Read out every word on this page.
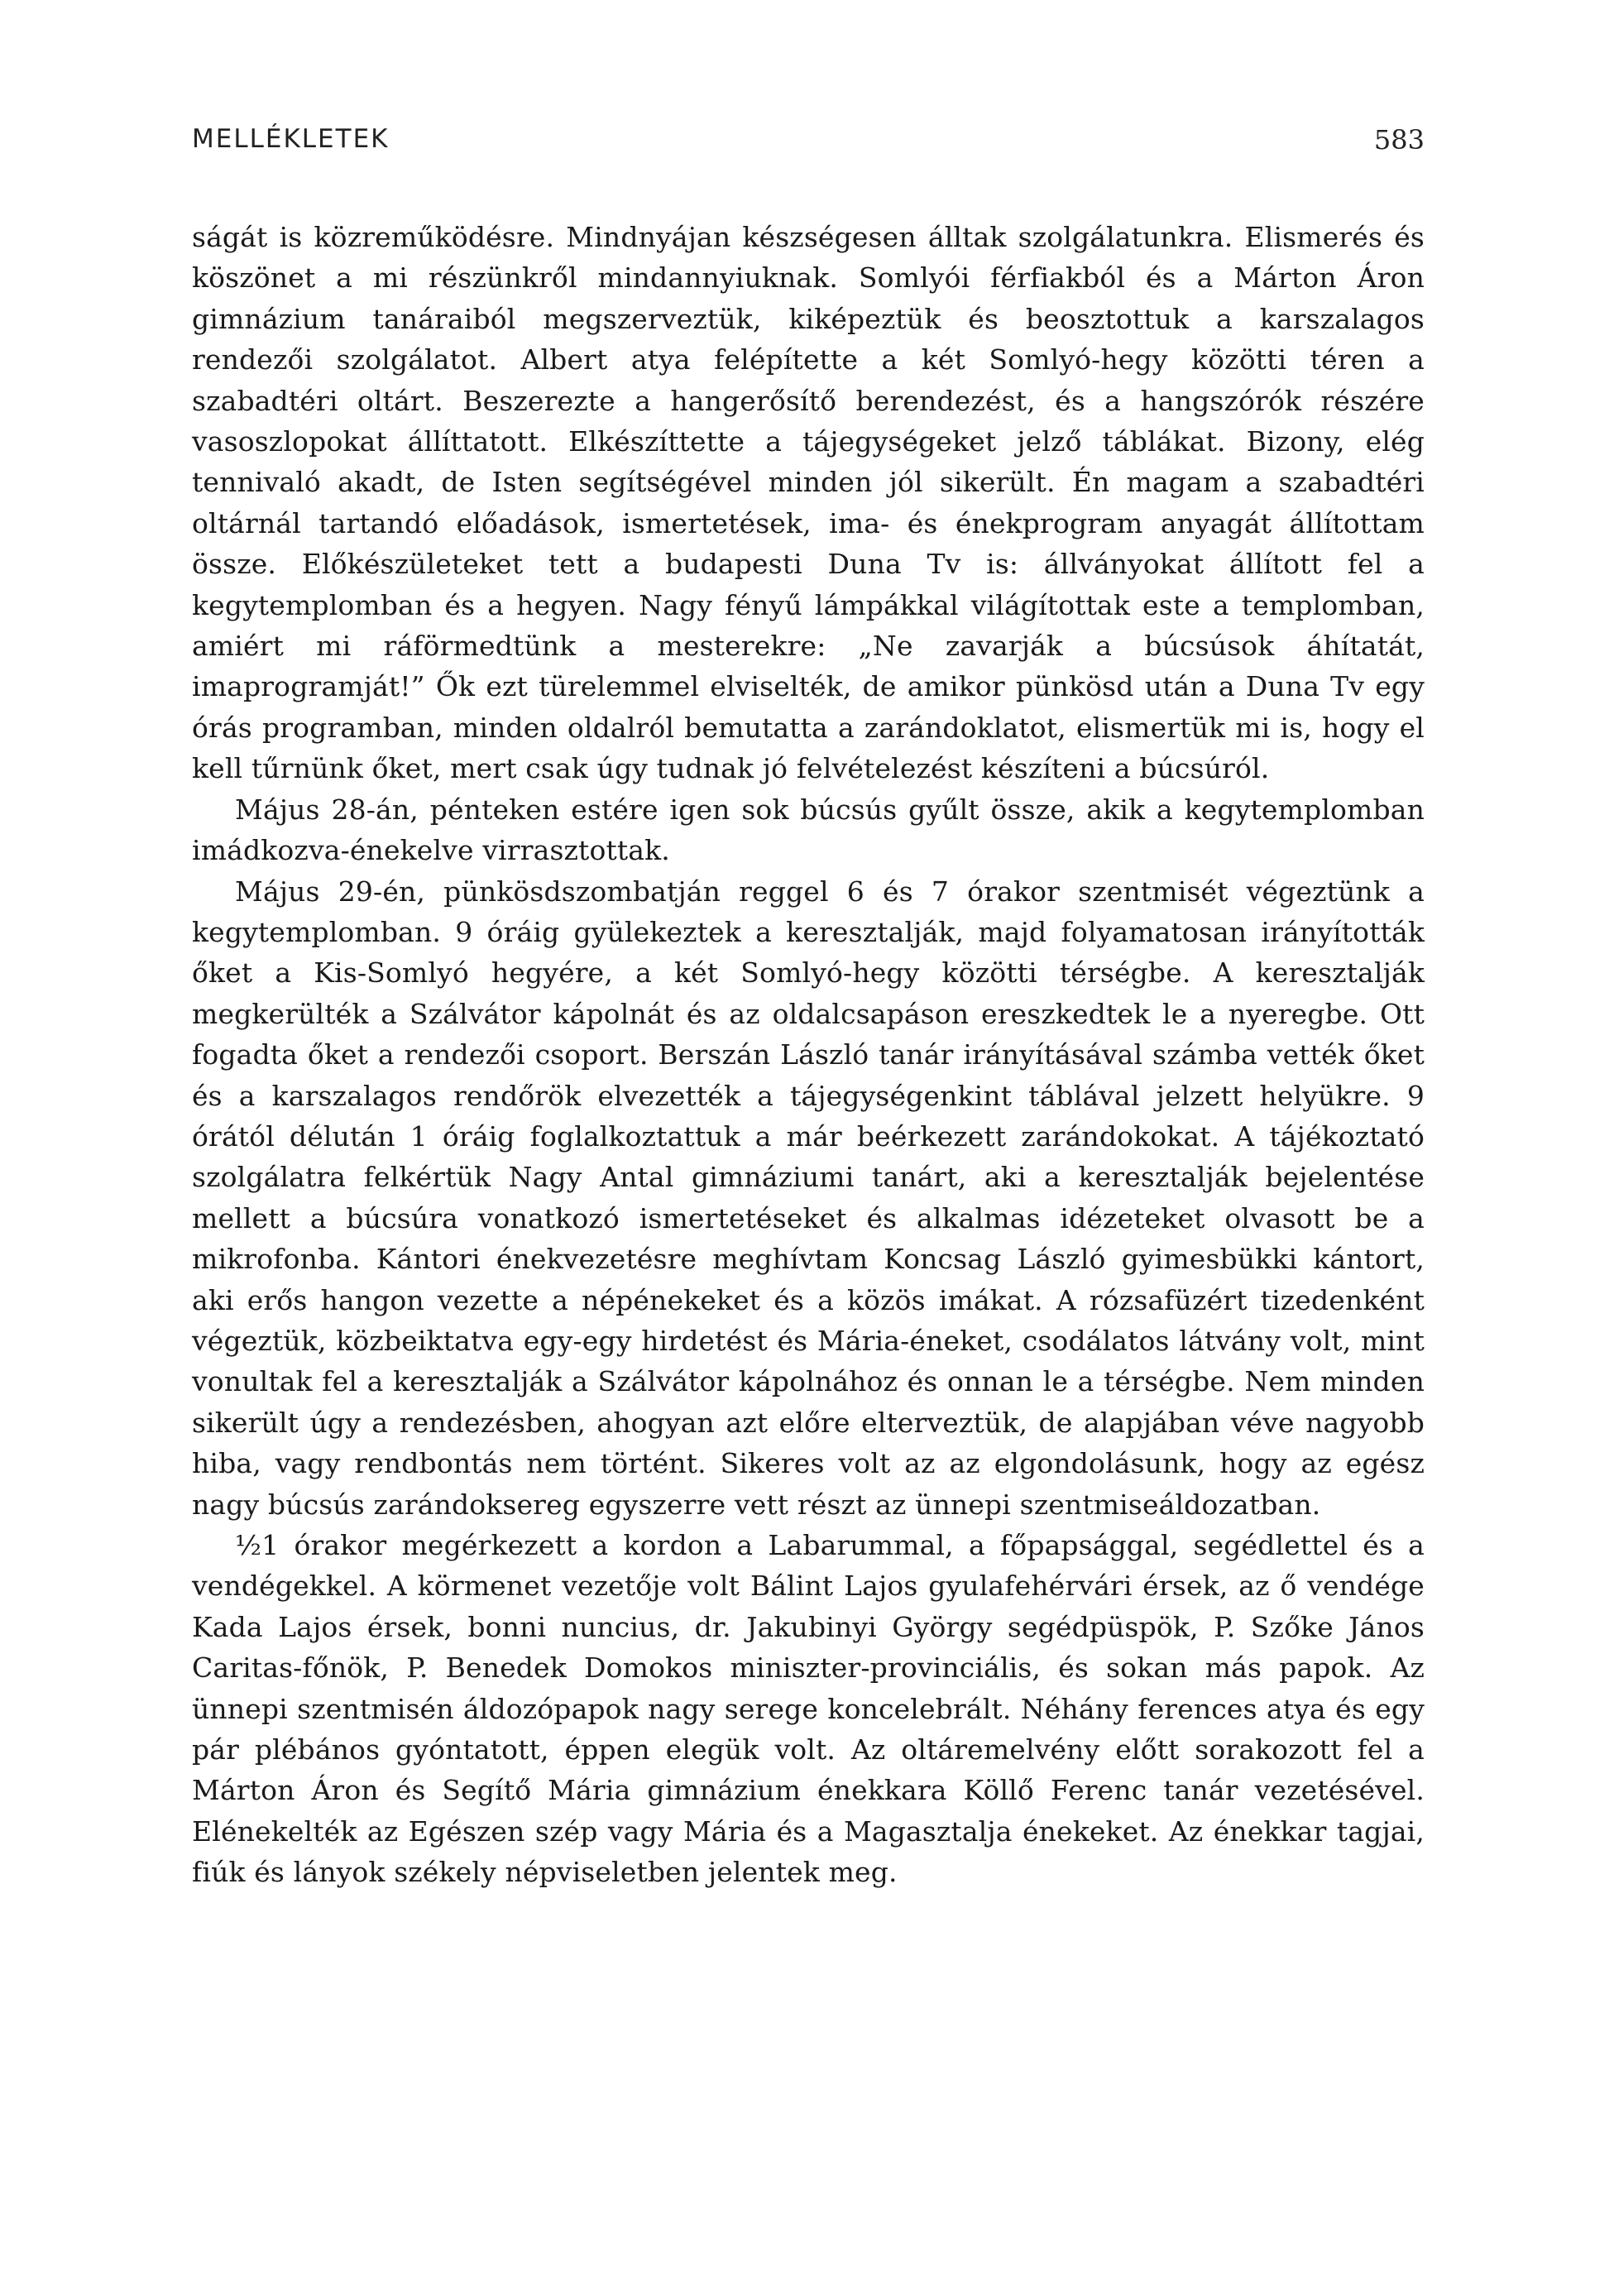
MELLÉKLETEK	583

ságát is közreműködésre. Mindnyájan készségesen álltak szolgálatunkra. Elismerés és köszönet a mi részünkről mindannyiuknak. Somlyói férfiakból és a Márton Áron gimnázium tanáraiból megszerveztük, kiképeztük és beosztottuk a karszalagos rendezői szolgálatot. Albert atya felépítette a két Somlyó-hegy közötti téren a szabadtéri oltárt. Beszerezte a hangerősítő berendezést, és a hangszórók részére vasoszlopokat állíttatott. Elkészíttette a tájegységeket jelző táblákat. Bizony, elég tennivaló akadt, de Isten segítségével minden jól sikerült. Én magam a szabadtéri oltárnál tartandó előadások, ismertetések, ima- és énekprogram anyagát állítottam össze. Előkészületeket tett a budapesti Duna Tv is: állványokat állított fel a kegytemplomban és a hegyen. Nagy fényű lámpákkal világítottak este a templomban, amiért mi ráförmedtünk a mesterekre: „Ne zavarják a búcsúsok áhítatát, imaprogramját!” Ők ezt türelemmel elviselték, de amikor pünkösd után a Duna Tv egy órás programban, minden oldalról bemutatta a zarándoklatot, elismertük mi is, hogy el kell tűrnünk őket, mert csak úgy tudnak jó felvételezést készíteni a búcsúról.

Május 28-án, pénteken estére igen sok búcsús gyűlt össze, akik a kegytemplomban imádkozva-énekelve virrasztottak.

Május 29-én, pünkösdszombatján reggel 6 és 7 órakor szentmisét végeztünk a kegytemplomban. 9 óráig gyülekeztek a keresztalják, majd folyamatosan irányították őket a Kis-Somlyó hegyére, a két Somlyó-hegy közötti térségbe. A keresztalják megkerülték a Szálvátor kápolnát és az oldalcsapáson ereszkedtek le a nyeregbe. Ott fogadta őket a rendezői csoport. Berszán László tanár irányításával számba vették őket és a karszalagos rendőrök elvezették a tájegységenkint táblával jelzett helyükre. 9 órától délután 1 óráig foglalkoztattuk a már beérkezett zarándokokat. A tájékoztató szolgálatra felkértük Nagy Antal gimnáziumi tanárt, aki a keresztalják bejelentése mellett a búcsúra vonatkozó ismertetéseket és alkalmas idézeteket olvasott be a mikrofonba. Kántori énekvezetésre meghívtam Koncsag László gyimesbükki kántort, aki erős hangon vezette a népénekeket és a közös imákat. A rózsafüzért tizedenként végeztük, közbeiktatva egy-egy hirdetést és Mária-éneket, csodálatos látvány volt, mint vonultak fel a keresztalják a Szálvátor kápolnához és onnan le a térségbe. Nem minden sikerült úgy a rendezésben, ahogyan azt előre elterveztük, de alapjában véve nagyobb hiba, vagy rendbontás nem történt. Sikeres volt az az elgondolásunk, hogy az egész nagy búcsús zarándoksereg egyszerre vett részt az ünnepi szentmiseáldozatban.

½1 órakor megérkezett a kordon a Labarummal, a főpapsággal, segédlettel és a vendégekkel. A körmenet vezetője volt Bálint Lajos gyulafehérvári érsek, az ő vendége Kada Lajos érsek, bonni nuncius, dr. Jakubinyi György segédpüspök, P. Szőke János Caritas-főnök, P. Benedek Domokos miniszter-provinciális, és sokan más papok. Az ünnepi szentmisén áldozópapok nagy serege koncelebrált. Néhány ferences atya és egy pár plébános gyóntatott, éppen elegük volt. Az oltáremelvény előtt sorakozott fel a Márton Áron és Segítő Mária gimnázium énekkara Köllő Ferenc tanár vezetésével. Elénekelték az Egészen szép vagy Mária és a Magasztalja énekeket. Az énekkar tagjai, fiúk és lányok székely népviseletben jelentek meg.
